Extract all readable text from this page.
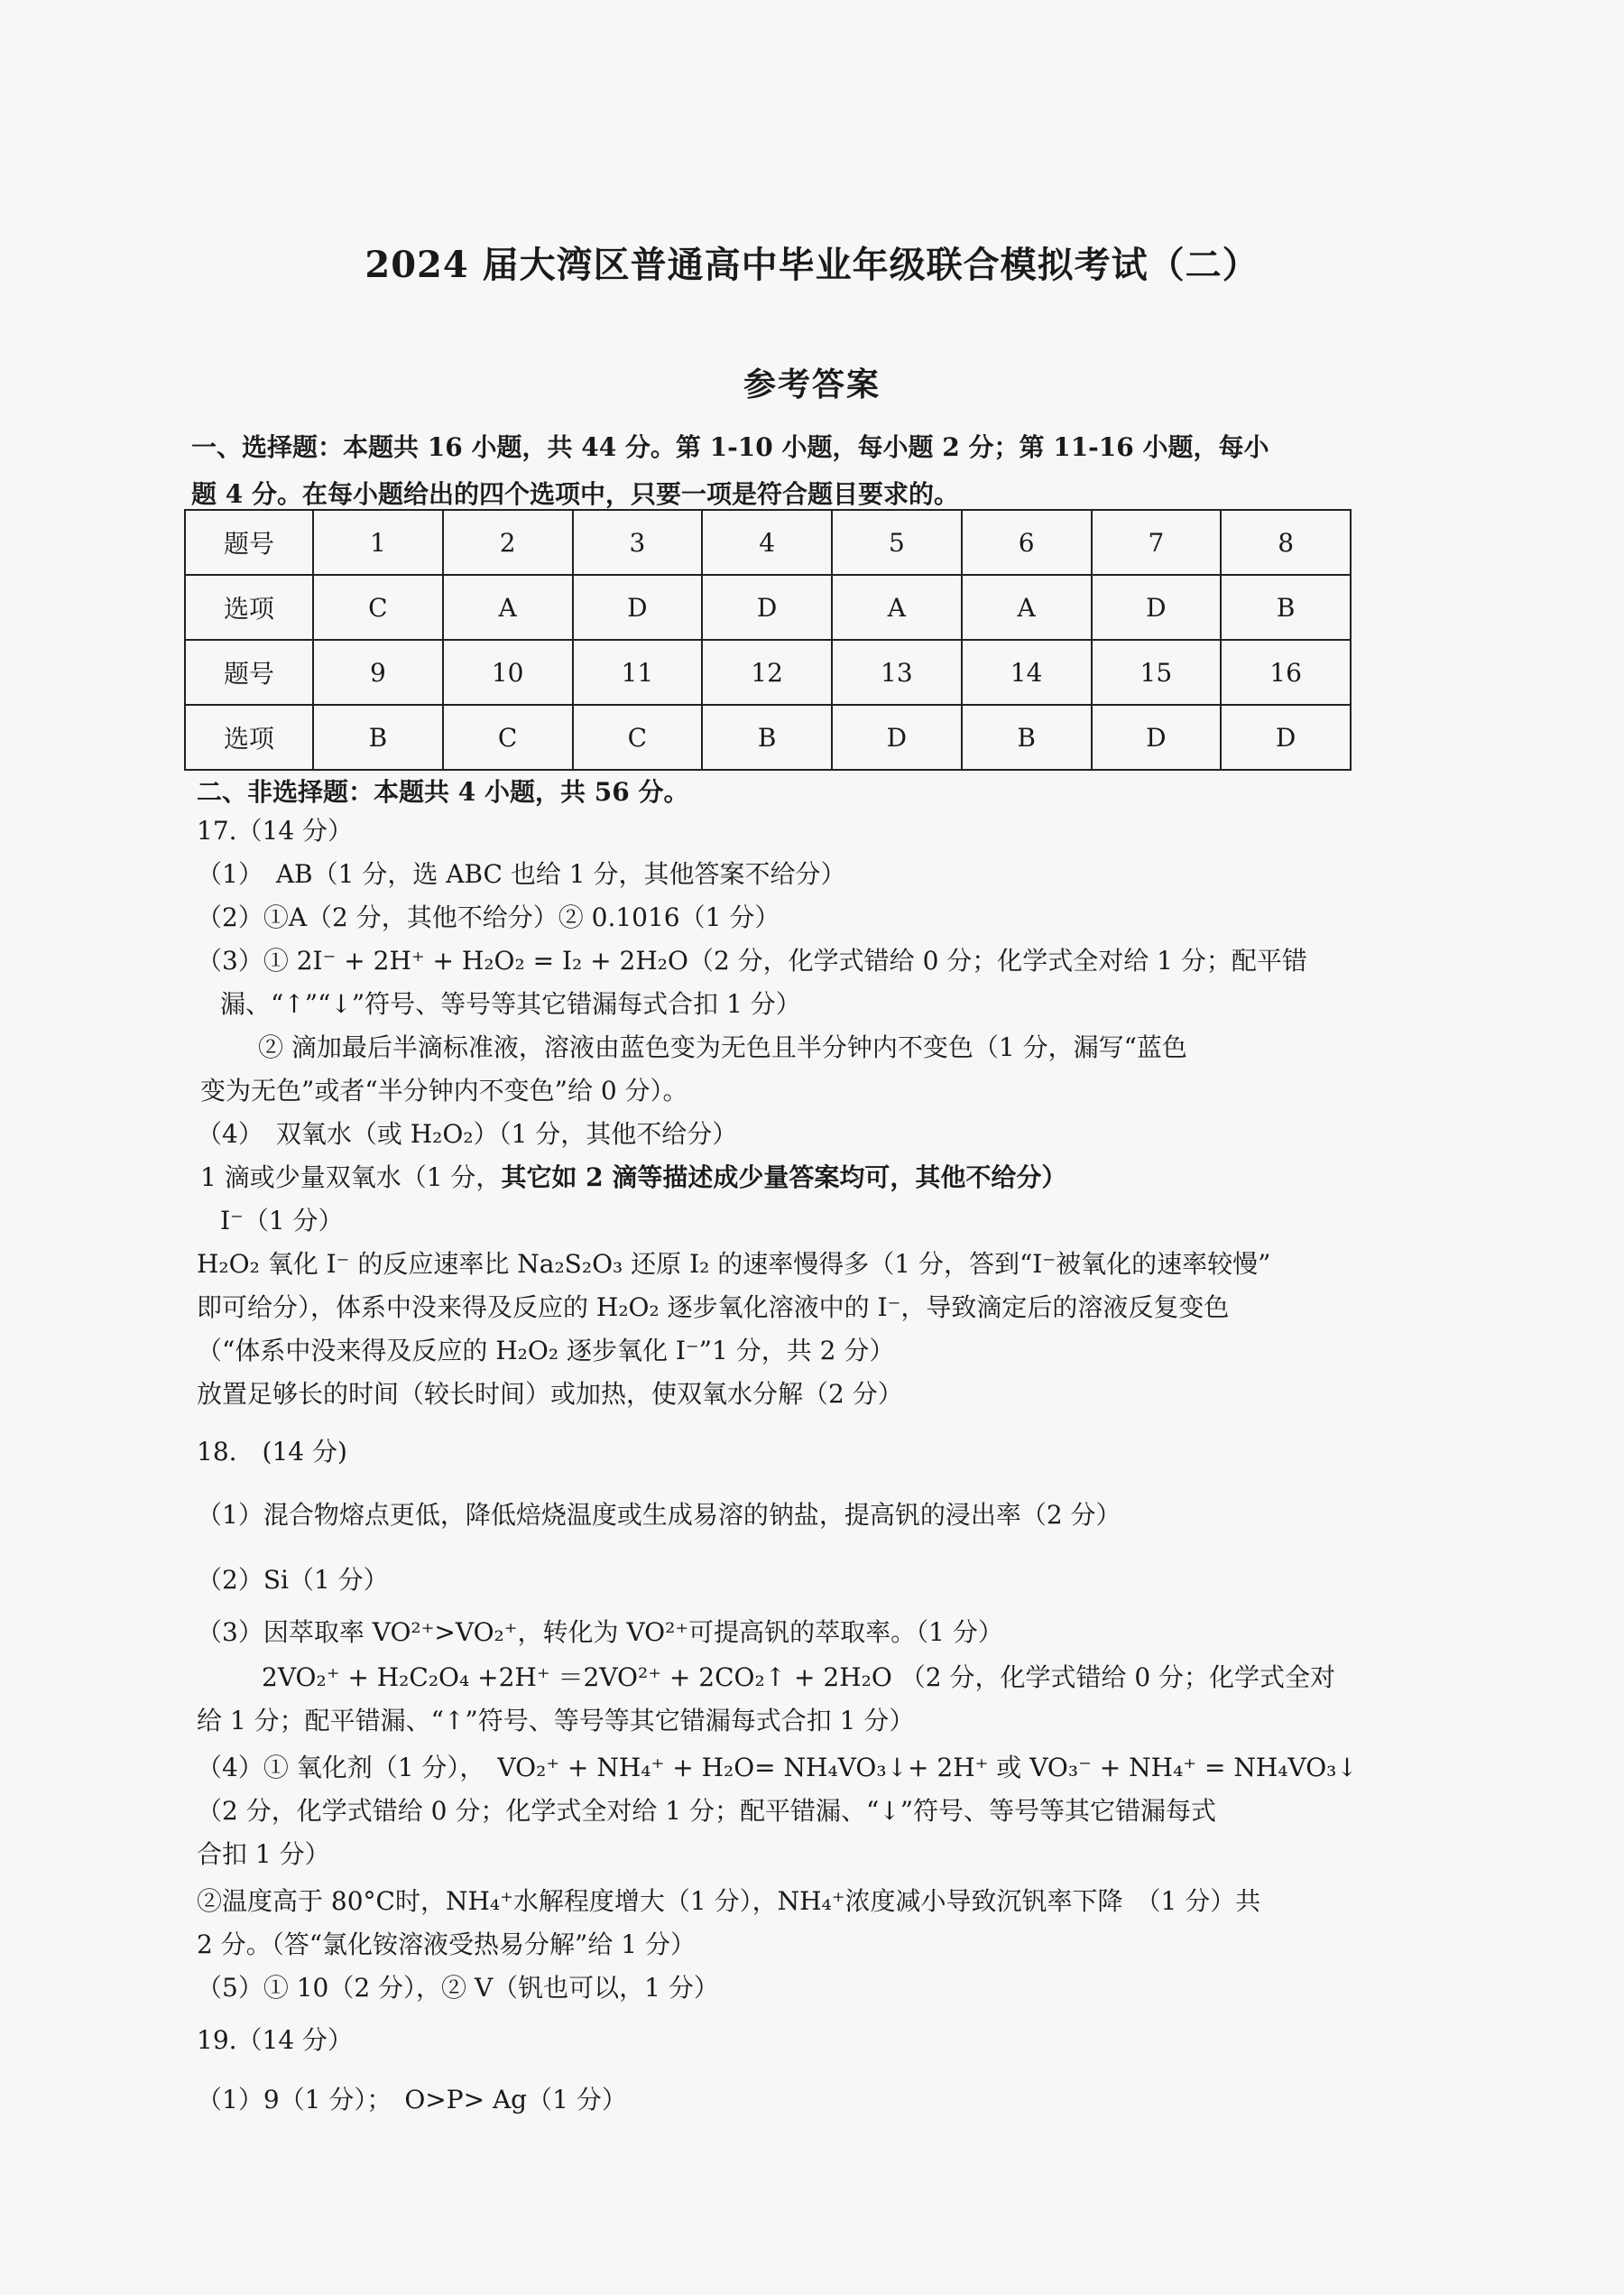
2024 届大湾区普通高中毕业年级联合模拟考试（二）
参考答案
一、选择题：本题共 16 小题，共 44 分。第 1-10 小题，每小题 2 分；第 11-16 小题，每小
题 4 分。在每小题给出的四个选项中，只要一项是符合题目要求的。
题号	1	2	3	4	5	6	7	8
选项	C	A	D	D	A	A	D	B
题号	9	10	11	12	13	14	15	16
选项	B	C	C	B	D	B	D	D
二、非选择题：本题共 4 小题，共 56 分。
17.（14 分）
（1）　AB（1 分，选 ABC 也给 1 分，其他答案不给分）
（2）①A（2 分，其他不给分）② 0.1016（1 分）
（3）① 2I⁻ + 2H⁺ + H₂O₂ = I₂ + 2H₂O（2 分，化学式错给 0 分；化学式全对给 1 分；配平错
漏、“↑”“↓”符号、等号等其它错漏每式合扣 1 分）
② 滴加最后半滴标准液，溶液由蓝色变为无色且半分钟内不变色（1 分，漏写“蓝色
变为无色”或者“半分钟内不变色”给 0 分）。
（4）　双氧水（或 H₂O₂）（1 分，其他不给分）
1 滴或少量双氧水（1 分，其它如 2 滴等描述成少量答案均可，其他不给分）
I⁻（1 分）
H₂O₂ 氧化 I⁻ 的反应速率比 Na₂S₂O₃ 还原 I₂ 的速率慢得多（1 分，答到“I⁻被氧化的速率较慢”
即可给分），体系中没来得及反应的 H₂O₂ 逐步氧化溶液中的 I⁻，导致滴定后的溶液反复变色
（“体系中没来得及反应的 H₂O₂ 逐步氧化 I⁻”1 分，共 2 分）
放置足够长的时间（较长时间）或加热，使双氧水分解（2 分）
18.　(14 分)
（1）混合物熔点更低，降低焙烧温度或生成易溶的钠盐，提高钒的浸出率（2 分）
（2）Si（1 分）
（3）因萃取率 VO²⁺>VO₂⁺，转化为 VO²⁺可提高钒的萃取率。（1 分）
2VO₂⁺ + H₂C₂O₄ +2H⁺ ＝2VO²⁺ + 2CO₂↑ + 2H₂O （2 分，化学式错给 0 分；化学式全对
给 1 分；配平错漏、“↑”符号、等号等其它错漏每式合扣 1 分）
（4）① 氧化剂（1 分），　VO₂⁺ + NH₄⁺ + H₂O= NH₄VO₃↓+ 2H⁺ 或 VO₃⁻ + NH₄⁺ = NH₄VO₃↓
（2 分，化学式错给 0 分；化学式全对给 1 分；配平错漏、“↓”符号、等号等其它错漏每式
合扣 1 分）
②温度高于 80°C时，NH₄⁺水解程度增大（1 分），NH₄⁺浓度减小导致沉钒率下降　（1 分）共
2 分。（答“氯化铵溶液受热易分解”给 1 分）
（5）① 10（2 分），② V（钒也可以，1 分）
19.（14 分）
（1）9（1 分）；　O>P> Ag（1 分）
